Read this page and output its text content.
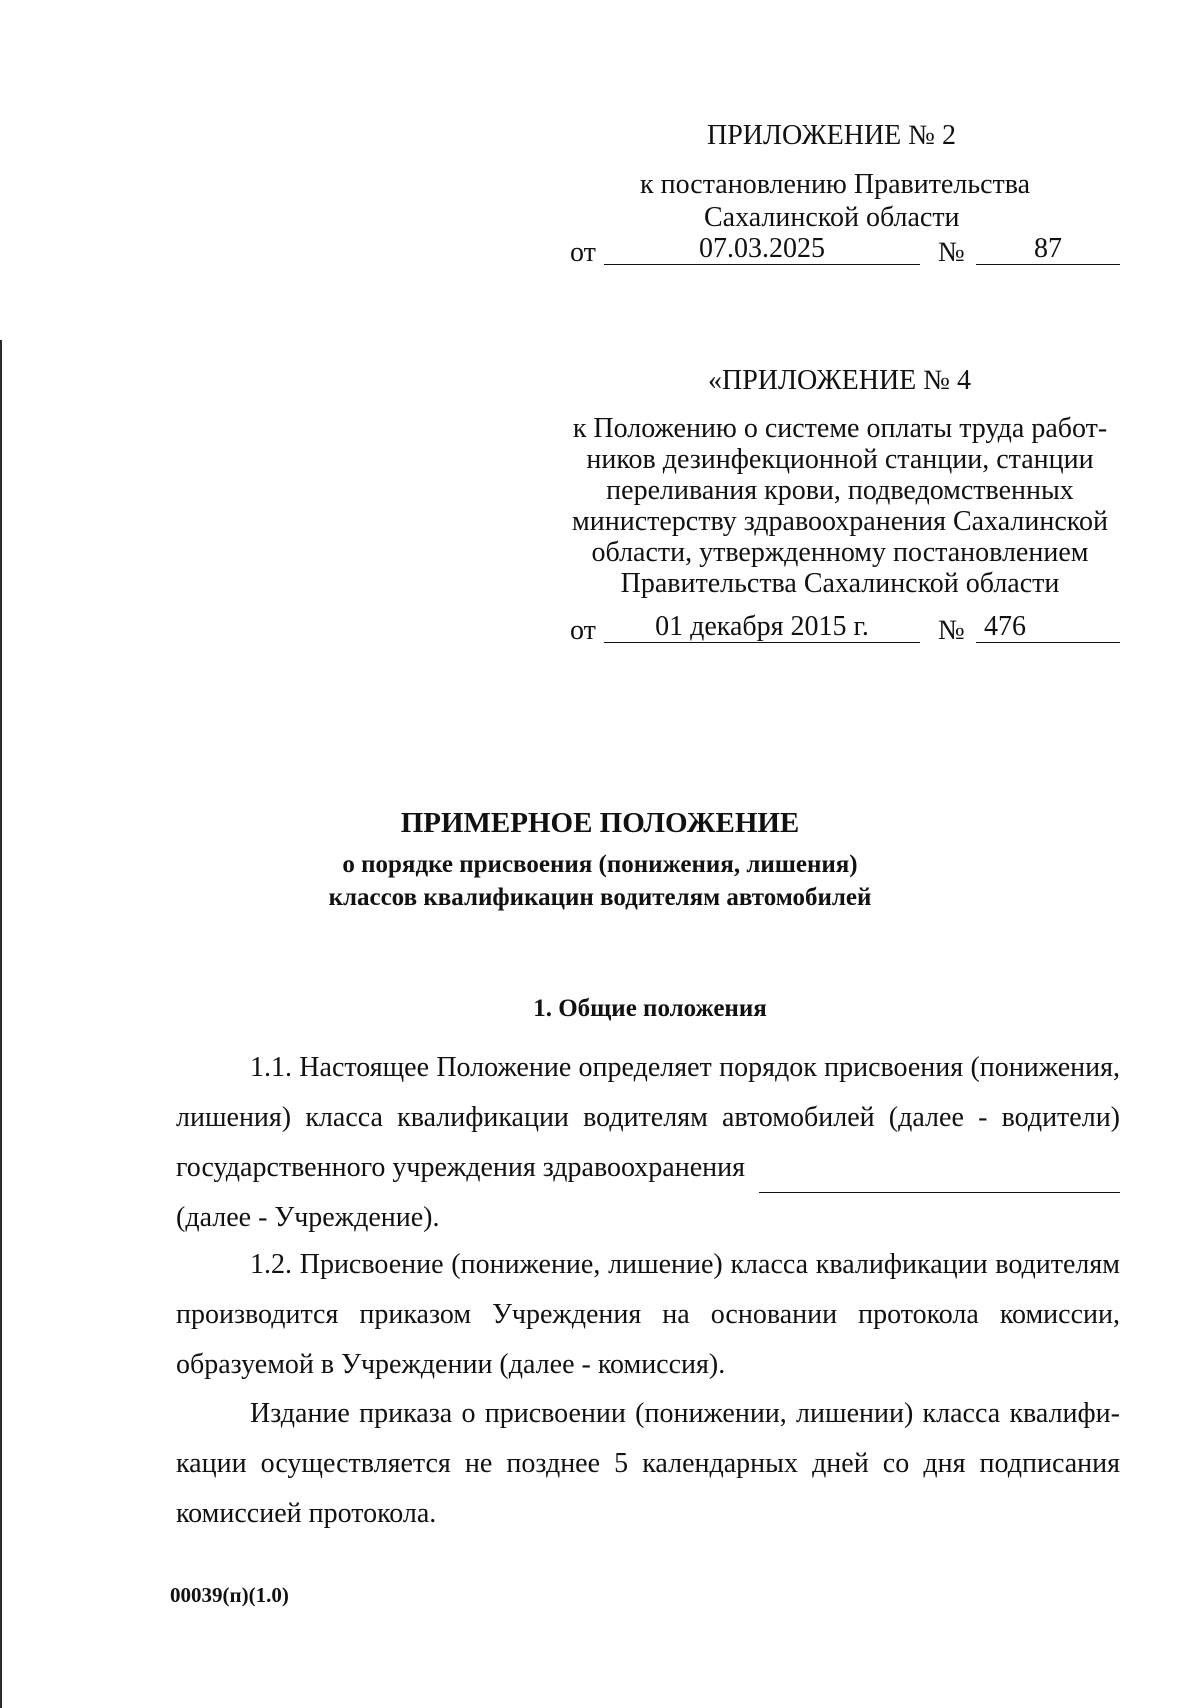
ПРИЛОЖЕНИЕ № 2
к постановлению Правительства
Сахалинской области
от	07.03.2025	№	87
«ПРИЛОЖЕНИЕ № 4
к Положению о системе оплаты труда работ-
ников дезинфекционной станции, станции
переливания крови, подведомственных
министерству здравоохранения Сахалинской
области, утвержденному постановлением
Правительства Сахалинской области
от	01 декабря 2015 г.	№ 476
ПРИМЕРНОЕ ПОЛОЖЕНИЕ
о порядке присвоения (понижения, лишения)
классов квалификацин водителям автомобилей
1. Общие положения
1.1. Настоящее Положение определяет порядок присвоения (понижения,
лишения) класса квалификации водителям автомобилей (далее - водители)
государственного учреждения здравоохранения
(далее - Учреждение).
1.2. Присвоение (понижение, лишение) класса квалификации водителям
производится приказом Учреждения на основании протокола комиссии,
образуемой в Учреждении (далее - комиссия).
Издание приказа о присвоении (понижении, лишении) класса квалифи-
кации осуществляется не позднее 5 календарных дней со дня подписания
комиссией протокола.
00039(п)(1.0)
